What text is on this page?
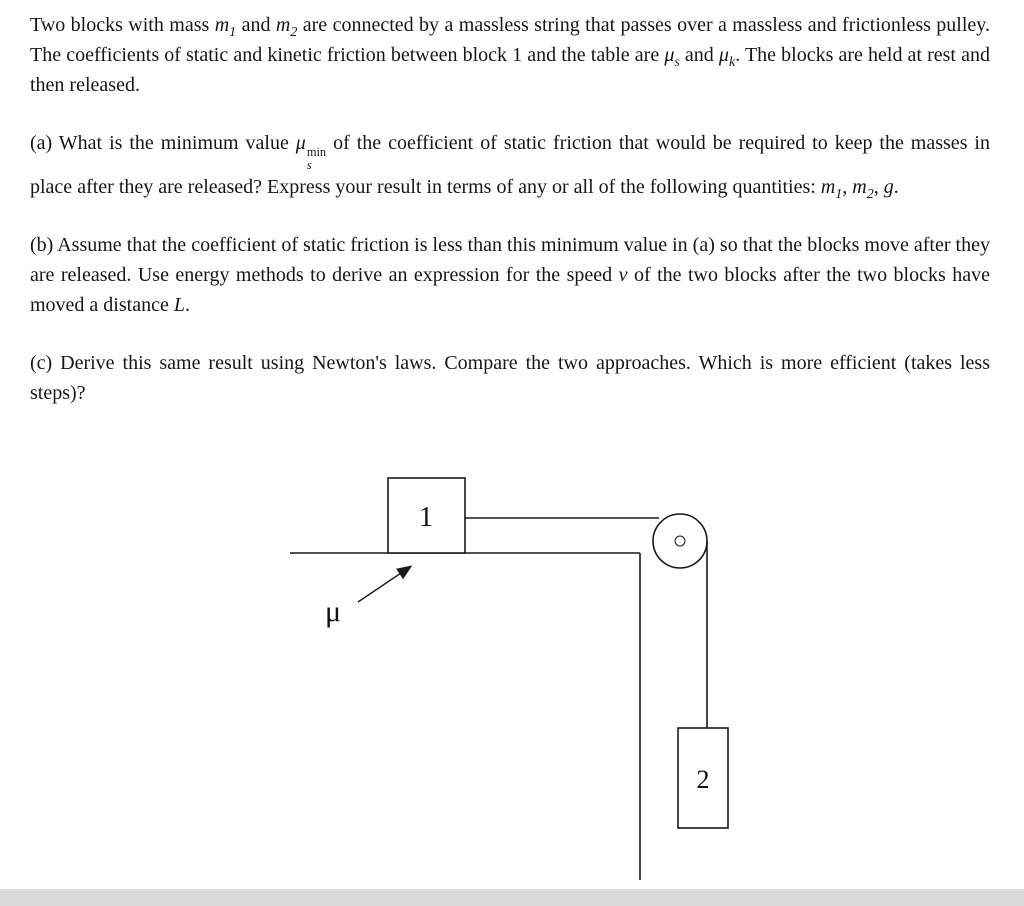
Two blocks with mass $m_1$ and $m_2$ are connected by a massless string that passes over a massless and frictionless pulley. The coefficients of static and kinetic friction between block 1 and the table are $\mu_s$ and $\mu_k$. The blocks are held at rest and then released.

(a) What is the minimum value μ min
s
of the coefficient of static friction that would be required to keep the masses in place after they are released? Express your result in terms of any or all of the following quantities: $m_1$, $m_2$, g.

(b) Assume that the coefficient of static friction is less than this minimum value in (a) so that the blocks move after they are released. Use energy methods to derive an expression for the speed v of the two blocks after the two blocks have moved a distance L.

(c) Derive this same result using Newton's laws. Compare the two approaches. Which is more efficient (takes less steps)?

1
2
μ
